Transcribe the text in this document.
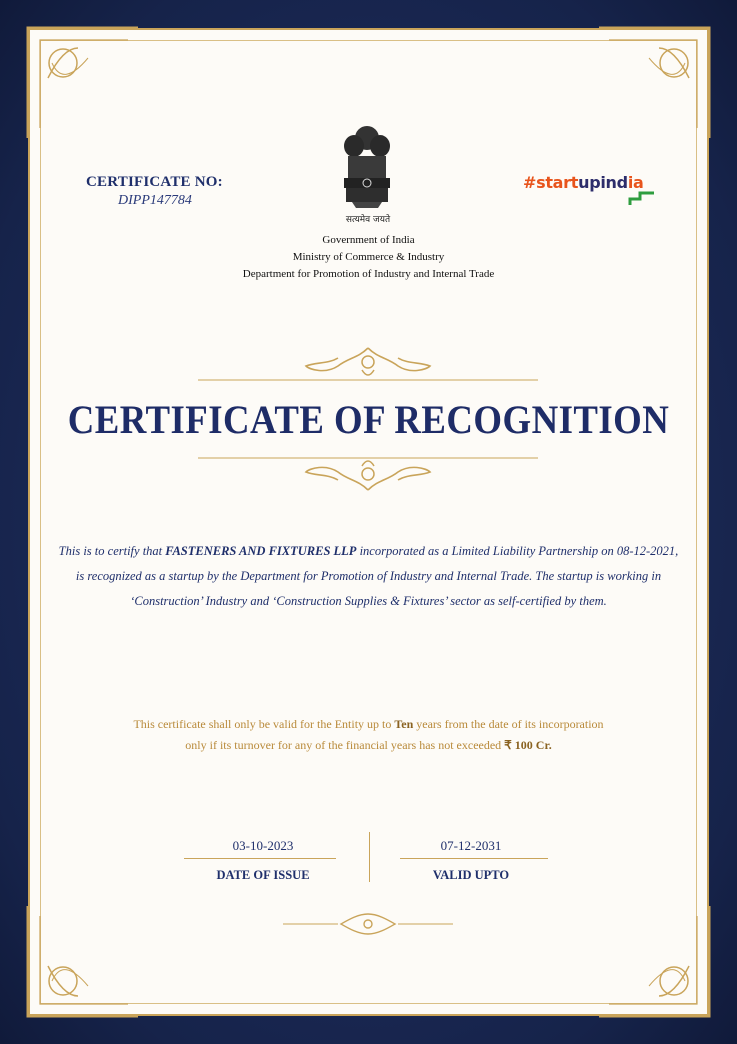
CERTIFICATE NO:
DIPP147784
सत्यमेव जयते
Government of India
Ministry of Commerce & Industry
Department for Promotion of Industry and Internal Trade
#startupindia
CERTIFICATE OF RECOGNITION
This is to certify that FASTENERS AND FIXTURES LLP incorporated as a Limited Liability Partnership on 08-12-2021,
is recognized as a startup by the Department for Promotion of Industry and Internal Trade. The startup is working in
‘Construction’ Industry and ‘Construction Supplies & Fixtures’ sector as self-certified by them.
This certificate shall only be valid for the Entity up to Ten years from the date of its incorporation
only if its turnover for any of the financial years has not exceeded ₹ 100 Cr.
03-10-2023
DATE OF ISSUE
07-12-2031
VALID UPTO
